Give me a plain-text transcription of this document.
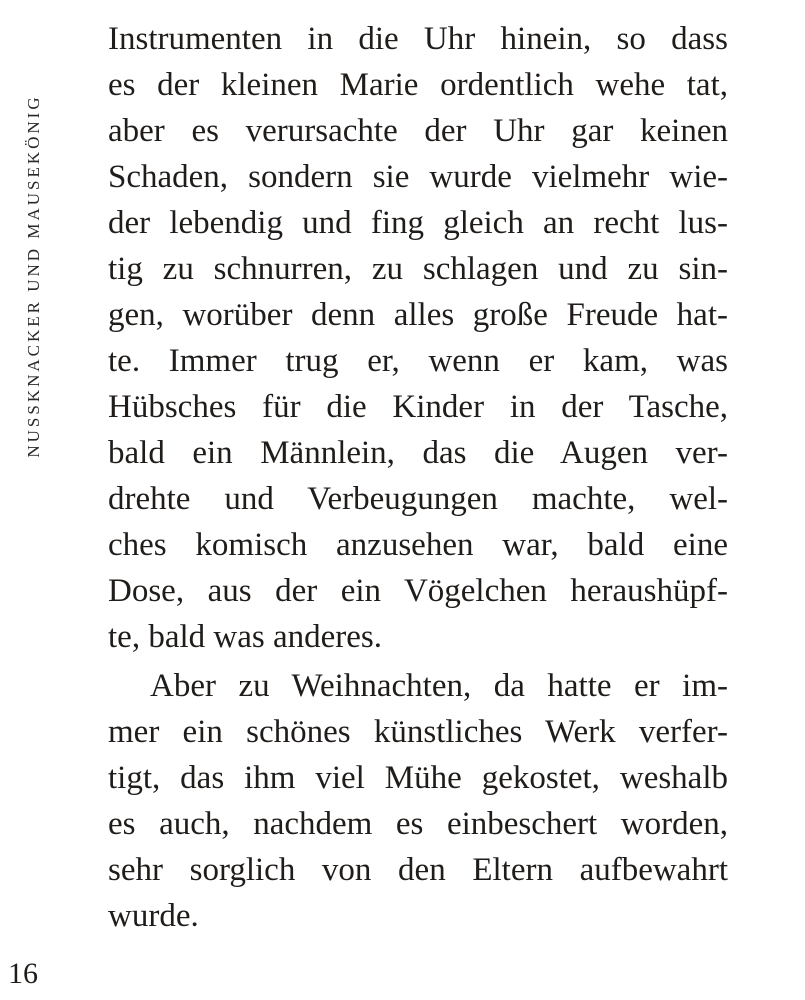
NUSSKNACKER UND MAUSEKÖNIG
Instrumenten in die Uhr hinein, so dass
es der kleinen Marie ordentlich wehe tat,
aber es verursachte der Uhr gar keinen
Schaden, sondern sie wurde vielmehr wie-
der lebendig und fing gleich an recht lus-
tig zu schnurren, zu schlagen und zu sin-
gen, worüber denn alles große Freude hat-
te. Immer trug er, wenn er kam, was
Hübsches für die Kinder in der Tasche,
bald ein Männlein, das die Augen ver-
drehte und Verbeugungen machte, wel-
ches komisch anzusehen war, bald eine
Dose, aus der ein Vögelchen heraushüpf-
te, bald was anderes.
Aber zu Weihnachten, da hatte er im-
mer ein schönes künstliches Werk verfer-
tigt, das ihm viel Mühe gekostet, weshalb
es auch, nachdem es einbeschert worden,
sehr sorglich von den Eltern aufbewahrt
wurde.
16
